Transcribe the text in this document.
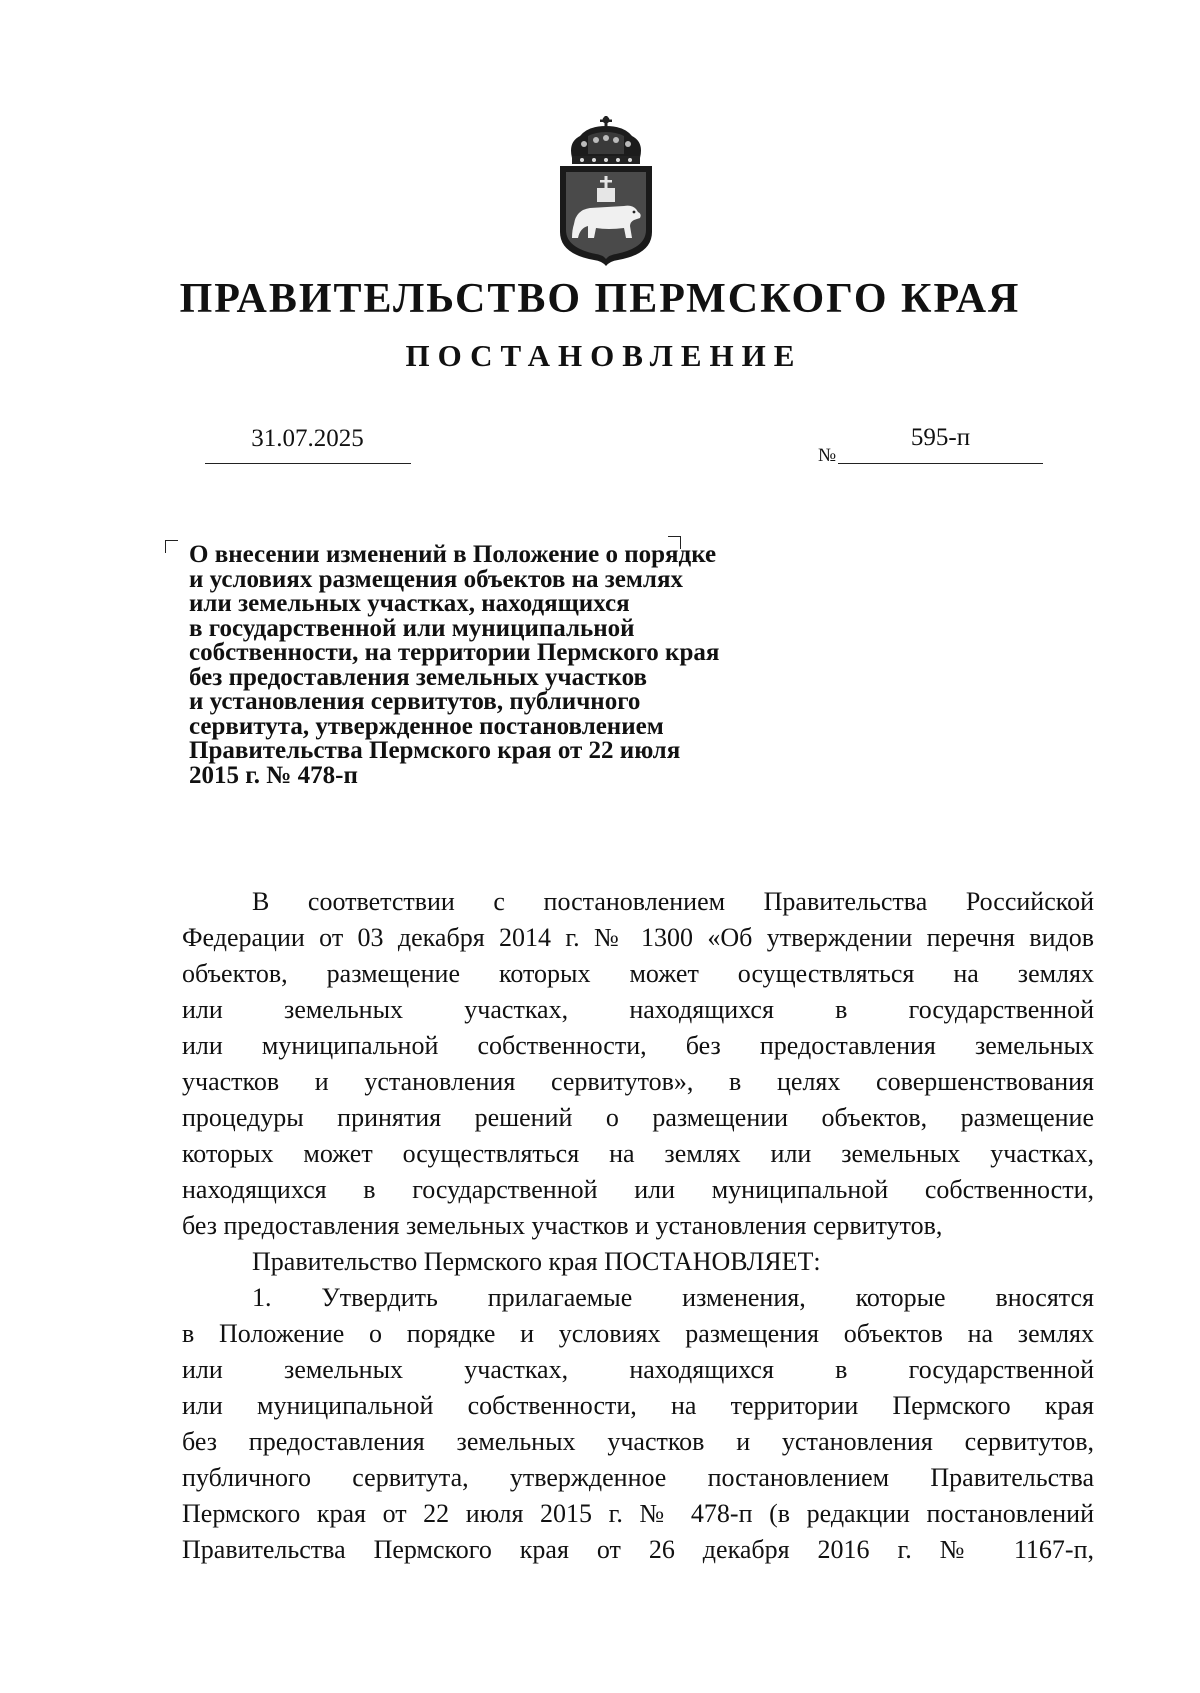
ПРАВИТЕЛЬСТВО ПЕРМСКОГО КРАЯ
ПОСТАНОВЛЕНИЕ
31.07.2025
№
595-п
О внесении изменений в Положение о порядке
и условиях размещения объектов на землях
или земельных участках, находящихся
в государственной или муниципальной
собственности, на территории Пермского края
без предоставления земельных участков
и установления сервитутов, публичного
сервитута, утвержденное постановлением
Правительства Пермского края от 22 июля
2015 г. № 478-п
В соответствии с постановлением Правительства Российской
Федерации от 03 декабря 2014 г. № 1300 «Об утверждении перечня видов
объектов, размещение которых может осуществляться на землях
или земельных участках, находящихся в государственной
или муниципальной собственности, без предоставления земельных
участков и установления сервитутов», в целях совершенствования
процедуры принятия решений о размещении объектов, размещение
которых может осуществляться на землях или земельных участках,
находящихся в государственной или муниципальной собственности,
без предоставления земельных участков и установления сервитутов,
Правительство Пермского края ПОСТАНОВЛЯЕТ:
1. Утвердить прилагаемые изменения, которые вносятся
в Положение о порядке и условиях размещения объектов на землях
или земельных участках, находящихся в государственной
или муниципальной собственности, на территории Пермского края
без предоставления земельных участков и установления сервитутов,
публичного сервитута, утвержденное постановлением Правительства
Пермского края от 22 июля 2015 г. № 478-п (в редакции постановлений
Правительства Пермского края от 26 декабря 2016 г. № 1167-п,
